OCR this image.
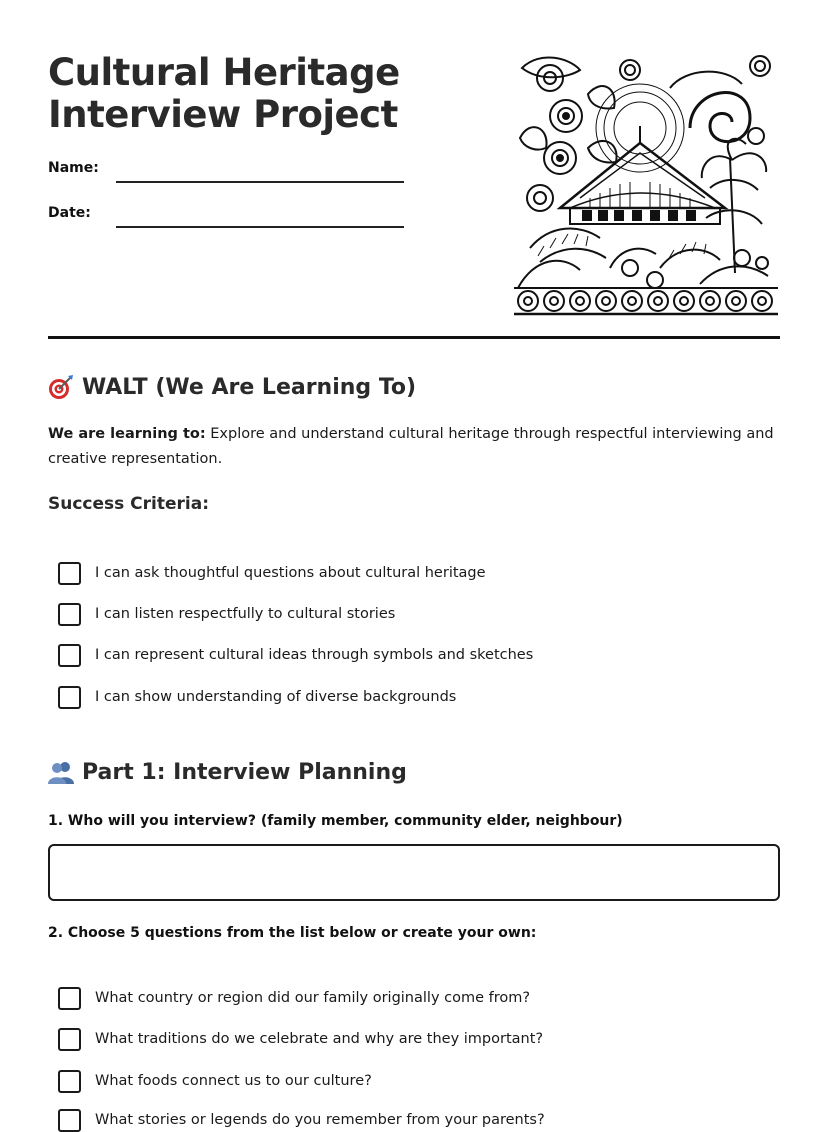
Cultural Heritage
Interview Project
Name:
Date:
WALT (We Are Learning To)
We are learning to: Explore and understand cultural heritage through respectful interviewing and creative representation.
Success Criteria:
I can ask thoughtful questions about cultural heritage
I can listen respectfully to cultural stories
I can represent cultural ideas through symbols and sketches
I can show understanding of diverse backgrounds
Part 1: Interview Planning
1. Who will you interview? (family member, community elder, neighbour)
2. Choose 5 questions from the list below or create your own:
What country or region did our family originally come from?
What traditions do we celebrate and why are they important?
What foods connect us to our culture?
What stories or legends do you remember from your parents?
